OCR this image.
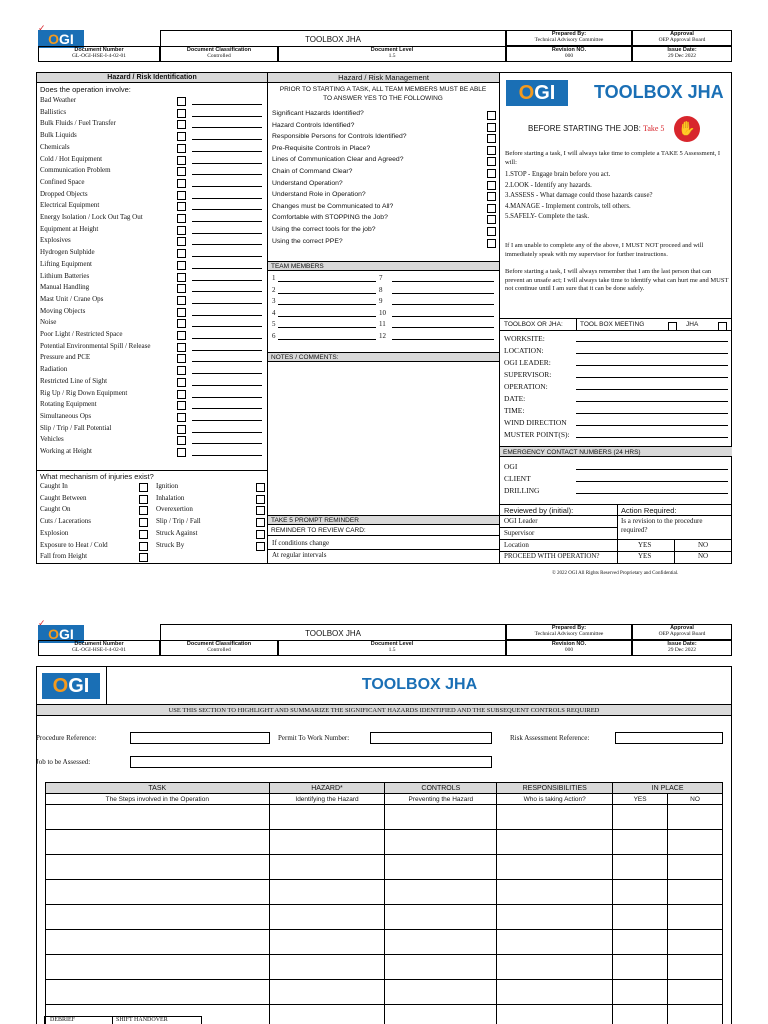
OGI
✓
TOOLBOX JHA
Document Number
GL-OGI-HSE-I-4-02-01
Document Classification
Controlled
Document Level
1.5
Prepared By:
Technical Advisory Committee
Approval
OEP Approval Board
Revision NO.
000
Issue Date:
29 Dec 2022
Hazard / Risk Identification
Does the operation involve:
Bad Weather
Ballistics
Bulk Fluids / Fuel Transfer
Bulk Liquids
Chemicals
Cold / Hot Equipment
Communication Problem
Confined Space
Dropped Objects
Electrical Equipment
Energy Isolation / Lock Out Tag Out
Equipment at Height
Explosives
Hydrogen Sulphide
Lifting Equipment
Lithium Batteries
Manual Handling
Mast Unit / Crane Ops
Moving Objects
Noise
Poor Light / Restricted Space
Potential Environmental Spill / Release
Pressure and PCE
Radiation
Restricted Line of Sight
Rig Up / Rig Down Equipment
Rotating Equipment
Simultaneous Ops
Slip / Trip / Fall Potential
Vehicles
Working at Height
What mechanism of injuries exist?
Caught In
Caught Between
Caught On
Cuts / Lacerations
Explosion
Exposure to Heat / Cold
Fall from Height
Ignition
Inhalation
Overexertion
Slip / Trip / Fall
Struck Against
Struck By
Hazard / Risk Management
PRIOR TO STARTING A TASK, ALL TEAM MEMBERS MUST BE ABLE TO ANSWER YES TO THE FOLLOWING
Significant Hazards Identified?
Hazard Controls Identified?
Responsible Persons for Controls Identified?
Pre-Requisite Controls in Place?
Lines of Communication Clear and Agreed?
Chain of Command Clear?
Understand Operation?
Understand Role in Operation?
Changes must be Communicated to All?
Comfortable with STOPPING the Job?
Using the correct tools for the job?
Using the correct PPE?
TEAM MEMBERS
1	7
2	8
3	9
4	10
5	11
6	12
NOTES / COMMENTS:
TAKE 5 PROMPT REMINDER
REMINDER TO REVIEW CARD:
If conditions change
At regular intervals
OGI	TOOLBOX JHA
BEFORE STARTING THE JOB: Take 5 ✋
Before starting a task, I will always take time to complete a TAKE 5 Assessment, I will:
1.STOP - Engage brain before you act.
2.LOOK - Identify any hazards.
3.ASSESS - What damage could those hazards cause?
4.MANAGE - Implement controls, tell others.
5.SAFELY- Complete the task.
If I am unable to complete any of the above, I MUST NOT proceed and will immediately speak with my supervisor for further instructions.
Before starting a task, I will always remember that I am the last person that can prevent an unsafe act; I will always take time to identify what can hurt me and MUST not continue until I am sure that it can be done safely.
TOOLBOX OR JHA:	TOOL BOX MEETING	JHA
WORKSITE:
LOCATION:
OGI LEADER:
SUPERVISOR:
OPERATION:
DATE:
TIME:
WIND DIRECTION
MUSTER POINT(S):
EMERGENCY CONTACT NUMBERS (24 HRS)
OGI
CLIENT
DRILLING
Reviewed by (initial):	Action Required:
OGI Leader
Supervisor
Is a revision to the procedure required?
Location	YES	NO
PROCEED WITH OPERATION?	YES	NO
© 2022 OGI All Rights Reserved Proprietary and Confidential.
OGI
✓
TOOLBOX JHA
Document Number
GL-OGI-HSE-I-4-02-01
Document Classification
Controlled
Document Level
1.5
Prepared By:
Technical Advisory Committee
Approval
OEP Approval Board
Revision NO.
000
Issue Date:
29 Dec 2022
OGI	TOOLBOX JHA
USE THIS SECTION TO HIGHLIGHT AND SUMMARIZE THE SIGNIFICANT HAZARDS IDENTIFIED AND THE SUBSEQUENT CONTROLS REQUIRED
Procedure Reference:	Permit To Work Number:	Risk Assessment Reference:
Job to be Assessed:
TASK	HAZARD*	CONTROLS	RESPONSIBILITIES	IN PLACE	
The Steps involved in the Operation	Identifying the Hazard	Preventing the Hazard	Who is taking Action?	YES	NO

DEBRIEF	SHIFT HANDOVER
